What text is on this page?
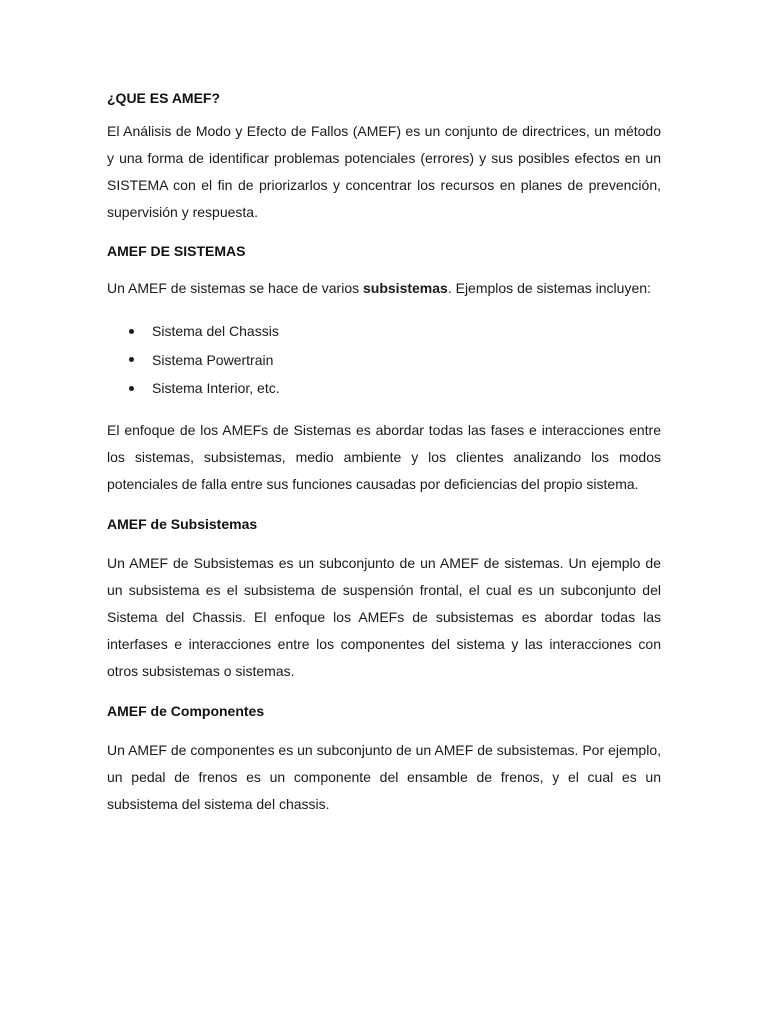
¿QUE ES AMEF?

El Análisis de Modo y Efecto de Fallos (AMEF) es un conjunto de directrices, un método y una forma de identificar problemas potenciales (errores) y sus posibles efectos en un SISTEMA con el fin de priorizarlos y concentrar los recursos en planes de prevención, supervisión y respuesta.

AMEF DE SISTEMAS

Un AMEF de sistemas se hace de varios subsistemas. Ejemplos de sistemas incluyen:

Sistema del Chassis
Sistema Powertrain
Sistema Interior, etc.

El enfoque de los AMEFs de Sistemas es abordar todas las fases e interacciones entre los sistemas, subsistemas, medio ambiente y los clientes analizando los modos potenciales de falla entre sus funciones causadas por deficiencias del propio sistema.

AMEF de Subsistemas

Un AMEF de Subsistemas es un subconjunto de un AMEF de sistemas. Un ejemplo de un subsistema es el subsistema de suspensión frontal, el cual es un subconjunto del Sistema del Chassis. El enfoque los AMEFs de subsistemas es abordar todas las interfases e interacciones entre los componentes del sistema y las interacciones con otros subsistemas o sistemas.

AMEF de Componentes

Un AMEF de componentes es un subconjunto de un AMEF de subsistemas. Por ejemplo, un pedal de frenos es un componente del ensamble de frenos, y el cual es un subsistema del sistema del chassis.
